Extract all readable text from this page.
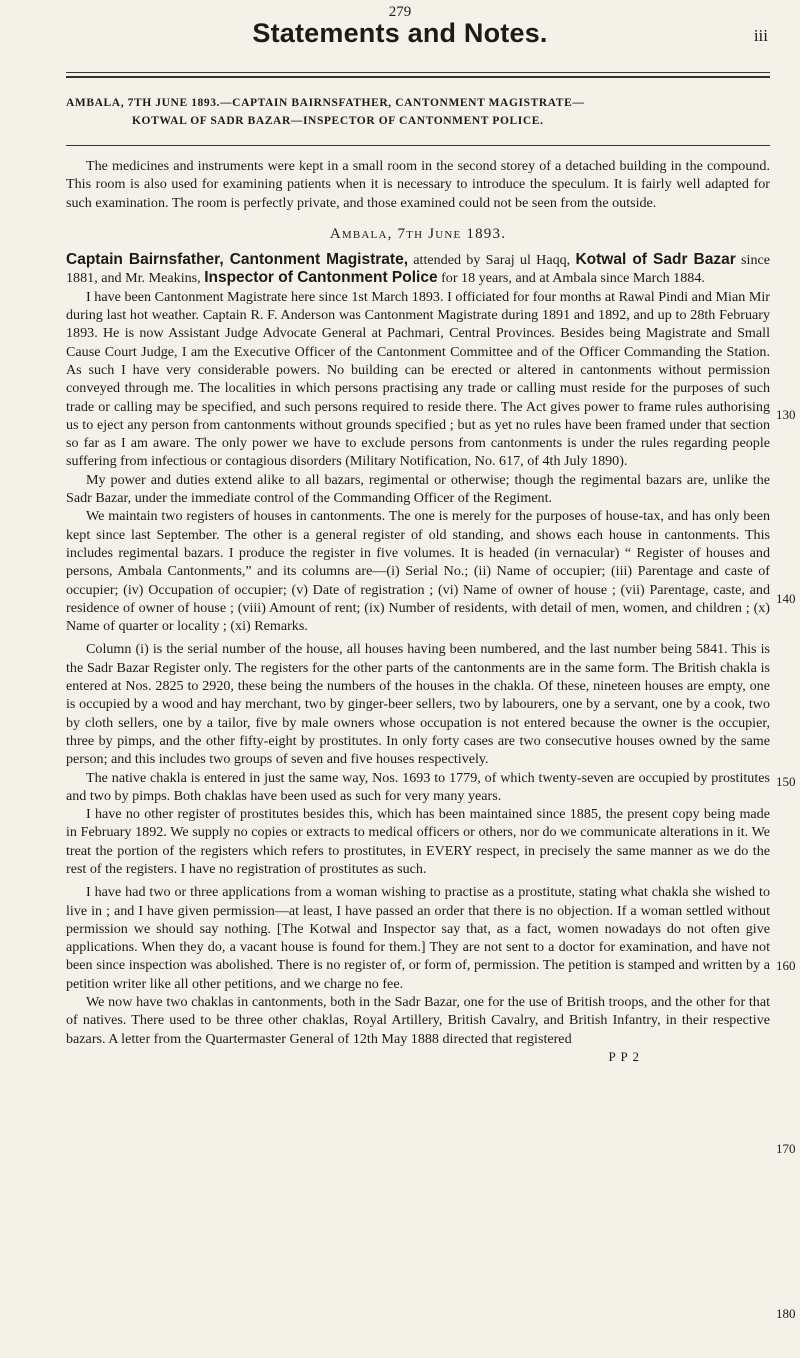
279
Statements and Notes.	iii
AMBALA, 7TH JUNE 1893.—CAPTAIN BAIRNSFATHER, CANTONMENT MAGISTRATE—
KOTWAL OF SADR BAZAR—INSPECTOR OF CANTONMENT POLICE.

The medicines and instruments were kept in a small room in the second storey of a detached building in the compound. This room is also used for examining patients when it is necessary to introduce the speculum. It is fairly well adapted for such examination. The room is perfectly private, and those examined could not be seen from the outside.

Ambala, 7th June 1893.

Captain Bairnsfather, Cantonment Magistrate, attended by Saraj ul Haqq, Kotwal of Sadr Bazar since 1881, and Mr. Meakins, Inspector of Cantonment Police for 18 years, and at Ambala since March 1884.

I have been Cantonment Magistrate here since 1st March 1893. I officiated for four months at Rawal Pindi and Mian Mir during last hot weather. Captain R. F. Anderson was Cantonment Magistrate during 1891 and 1892, and up to 28th February 1893. He is now Assistant Judge Advocate General at Pachmari, Central Provinces. Besides being Magistrate and Small Cause Court Judge, I am the Executive Officer of the Cantonment Committee and of the Officer Commanding the Station. As such I have very considerable powers. No building can be erected or altered in cantonments without permission conveyed through me. The localities in which persons practising any trade or calling must reside for the purposes of such trade or calling may be specified, and such persons required to reside there. The Act gives power to frame rules authorising us to eject any person from cantonments without grounds specified ; but as yet no rules have been framed under that section so far as I am aware. The only power we have to exclude persons from cantonments is under the rules regarding people suffering from infectious or contagious disorders (Military Notification, No. 617, of 4th July 1890).

My power and duties extend alike to all bazars, regimental or otherwise; though the regimental bazars are, unlike the Sadr Bazar, under the immediate control of the Commanding Officer of the Regiment.

We maintain two registers of houses in cantonments. The one is merely for the purposes of house-tax, and has only been kept since last September. The other is a general register of old standing, and shows each house in cantonments. This includes regimental bazars. I produce the register in five volumes. It is headed (in vernacular) “ Register of houses and persons, Ambala Cantonments,” and its columns are—(i) Serial No.; (ii) Name of occupier; (iii) Parentage and caste of occupier; (iv) Occupation of occupier; (v) Date of registration ; (vi) Name of owner of house ; (vii) Parentage, caste, and residence of owner of house ; (viii) Amount of rent; (ix) Number of residents, with detail of men, women, and children ; (x) Name of quarter or locality ; (xi) Remarks.

Column (i) is the serial number of the house, all houses having been numbered, and the last number being 5841. This is the Sadr Bazar Register only. The registers for the other parts of the cantonments are in the same form. The British chakla is entered at Nos. 2825 to 2920, these being the numbers of the houses in the chakla. Of these, nineteen houses are empty, one is occupied by a wood and hay merchant, two by ginger-beer sellers, two by labourers, one by a servant, one by a cook, two by cloth sellers, one by a tailor, five by male owners whose occupation is not entered because the owner is the occupier, three by pimps, and the other fifty-eight by prostitutes. In only forty cases are two consecutive houses owned by the same person; and this includes two groups of seven and five houses respectively.

The native chakla is entered in just the same way, Nos. 1693 to 1779, of which twenty-seven are occupied by prostitutes and two by pimps. Both chaklas have been used as such for very many years.

I have no other register of prostitutes besides this, which has been maintained since 1885, the present copy being made in February 1892. We supply no copies or extracts to medical officers or others, nor do we communicate alterations in it. We treat the portion of the registers which refers to prostitutes, in EVERY respect, in precisely the same manner as we do the rest of the registers. I have no registration of prostitutes as such.

I have had two or three applications from a woman wishing to practise as a prostitute, stating what chakla she wished to live in ; and I have given permission—at least, I have passed an order that there is no objection. If a woman settled without permission we should say nothing. [The Kotwal and Inspector say that, as a fact, women nowadays do not often give applications. When they do, a vacant house is found for them.] They are not sent to a doctor for examination, and have not been since inspection was abolished. There is no register of, or form of, permission. The petition is stamped and written by a petition writer like all other petitions, and we charge no fee.

We now have two chaklas in cantonments, both in the Sadr Bazar, one for the use of British troops, and the other for that of natives. There used to be three other chaklas, Royal Artillery, British Cavalry, and British Infantry, in their respective bazars. A letter from the Quartermaster General of 12th May 1888 directed that registered

P P 2
130
140
150
160
170
180
